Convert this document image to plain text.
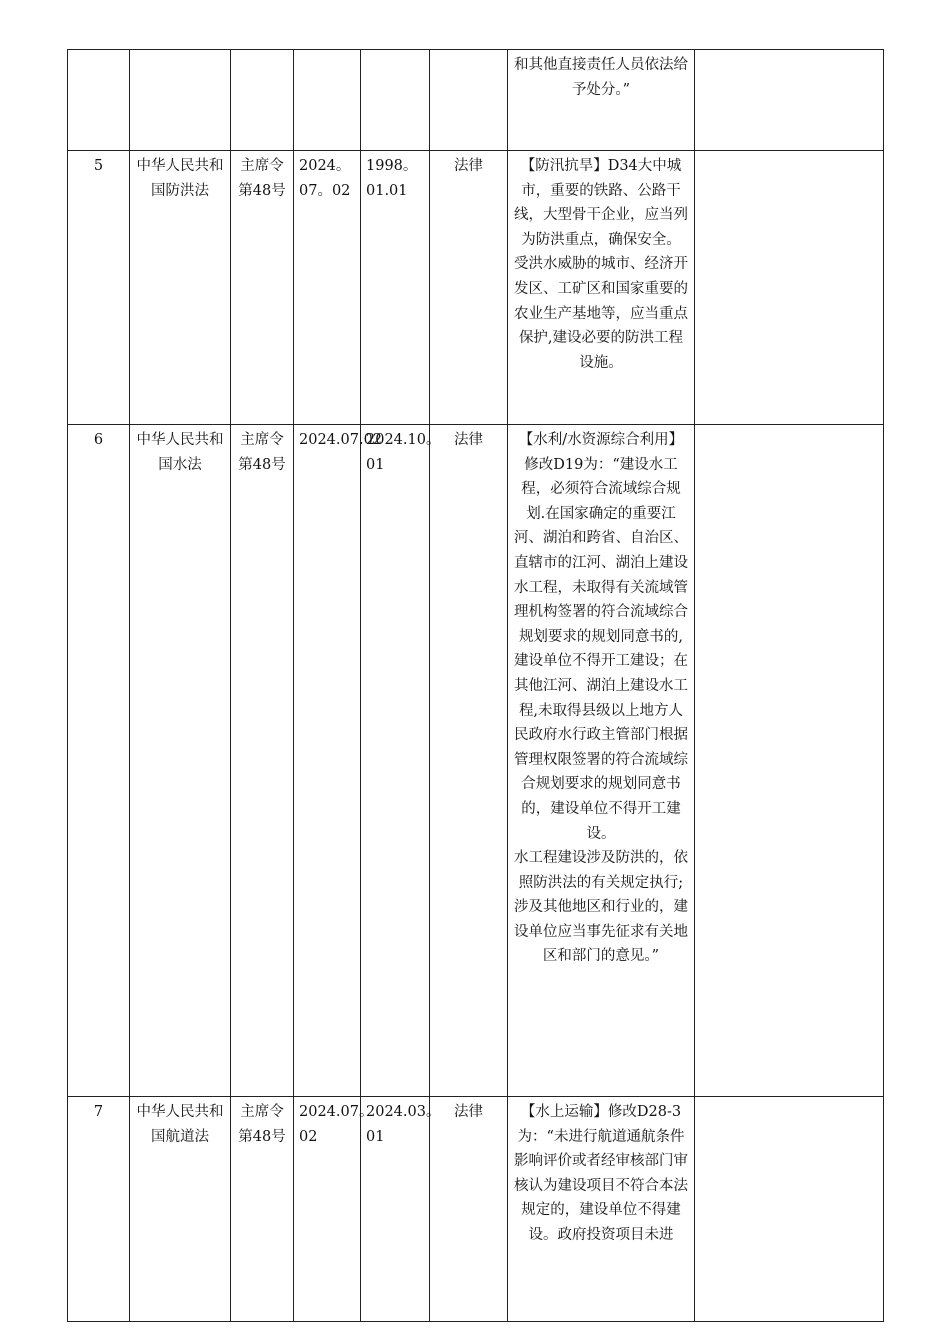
						和其他直接责任人员依法给予处分。”	

5	中华人民共和国防洪法	主席令第48号	2024。07。02	1998。01.01	法律	【防汛抗旱】D34大中城市，重要的铁路、公路干线，大型骨干企业，应当列为防洪重点，确保安全。
受洪水威胁的城市、经济开发区、工矿区和国家重要的农业生产基地等，应当重点保护,建设必要的防洪工程设施。	

6	中华人民共和国水法	主席令第48号	2024.07.02	2024.10。01	法律	【水利/水资源综合利用】修改D19为：“建设水工程，必须符合流域综合规划.在国家确定的重要江河、湖泊和跨省、自治区、直辖市的江河、湖泊上建设水工程，未取得有关流域管理机构签署的符合流域综合规划要求的规划同意书的,建设单位不得开工建设；在其他江河、湖泊上建设水工程,未取得县级以上地方人民政府水行政主管部门根据管理权限签署的符合流域综合规划要求的规划同意书的，建设单位不得开工建设。
水工程建设涉及防洪的，依照防洪法的有关规定执行;涉及其他地区和行业的，建设单位应当事先征求有关地区和部门的意见。”	

7	中华人民共和国航道法	主席令第48号	2024.07。02	2024.03。01	法律	【水上运输】修改D28-3为：“未进行航道通航条件影响评价或者经审核部门审核认为建设项目不符合本法规定的，建设单位不得建设。政府投资项目未进	
